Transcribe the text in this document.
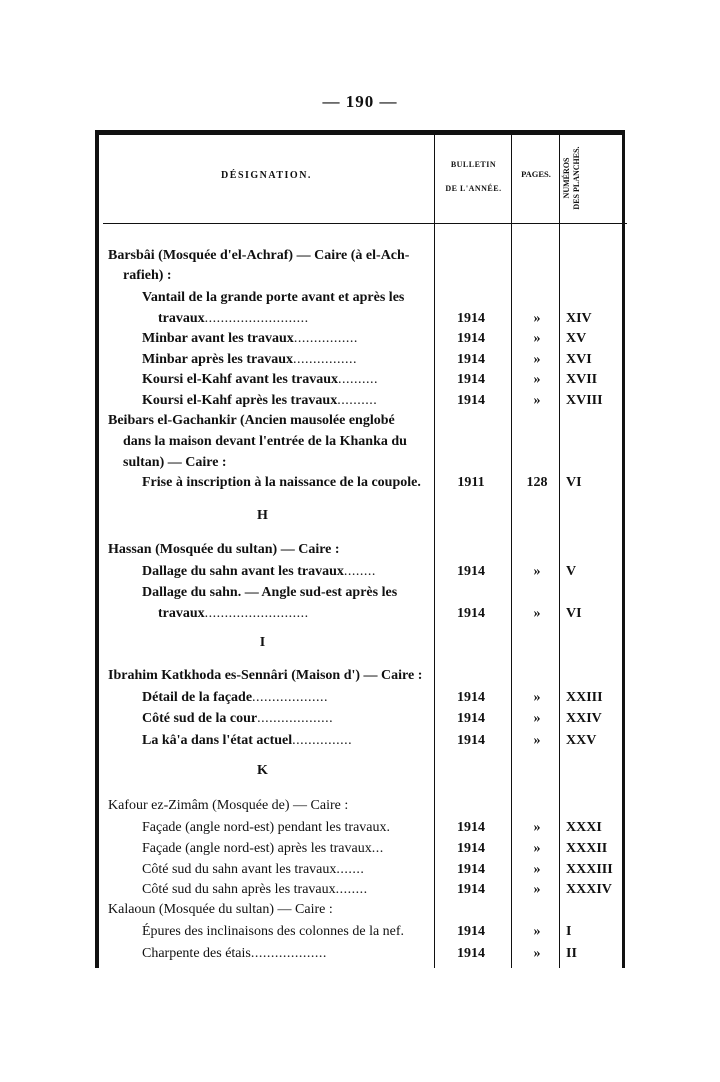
— 190 —
DÉSIGNATION.
BULLETIN
DE L'ANNÉE.
PAGES.	NUMÉROS DES PLANCHES.
Barsbâi (Mosquée d'el-Achraf) — Caire (à el-Ach-
rafieh) :
Vantail de la grande porte avant et après les
travaux..........................	1914	»	XIV
Minbar avant les travaux................	1914	»	XV
Minbar après les travaux................	1914	»	XVI
Koursi el-Kahf avant les travaux..........	1914	»	XVII
Koursi el-Kahf après les travaux..........	1914	»	XVIII
Beibars el-Gachankir (Ancien mausolée englobé
dans la maison devant l'entrée de la Khanka du
sultan) — Caire :
Frise à inscription à la naissance de la coupole.	1911	128	VI
Hassan (Mosquée du sultan) — Caire :
Dallage du sahn avant les travaux........	1914	»	V
Dallage du sahn. — Angle sud-est après les
travaux..........................	1914	»	VI
Ibrahim Katkhoda es-Sennâri (Maison d') — Caire :
Détail de la façade...................	1914	»	XXIII
Côté sud de la cour...................	1914	»	XXIV
La kâ'a dans l'état actuel...............	1914	»	XXV
Kafour ez-Zimâm (Mosquée de) — Caire :
Façade (angle nord-est) pendant les travaux.	1914	»	XXXI
Façade (angle nord-est) après les travaux...	1914	»	XXXII
Côté sud du sahn avant les travaux.......	1914	»	XXXIII
Côté sud du sahn après les travaux........	1914	»	XXXIV
Kalaoun (Mosquée du sultan) — Caire :
Épures des inclinaisons des colonnes de la nef.	1914	»	I
Charpente des étais...................	1914	»	II
H
I
K
